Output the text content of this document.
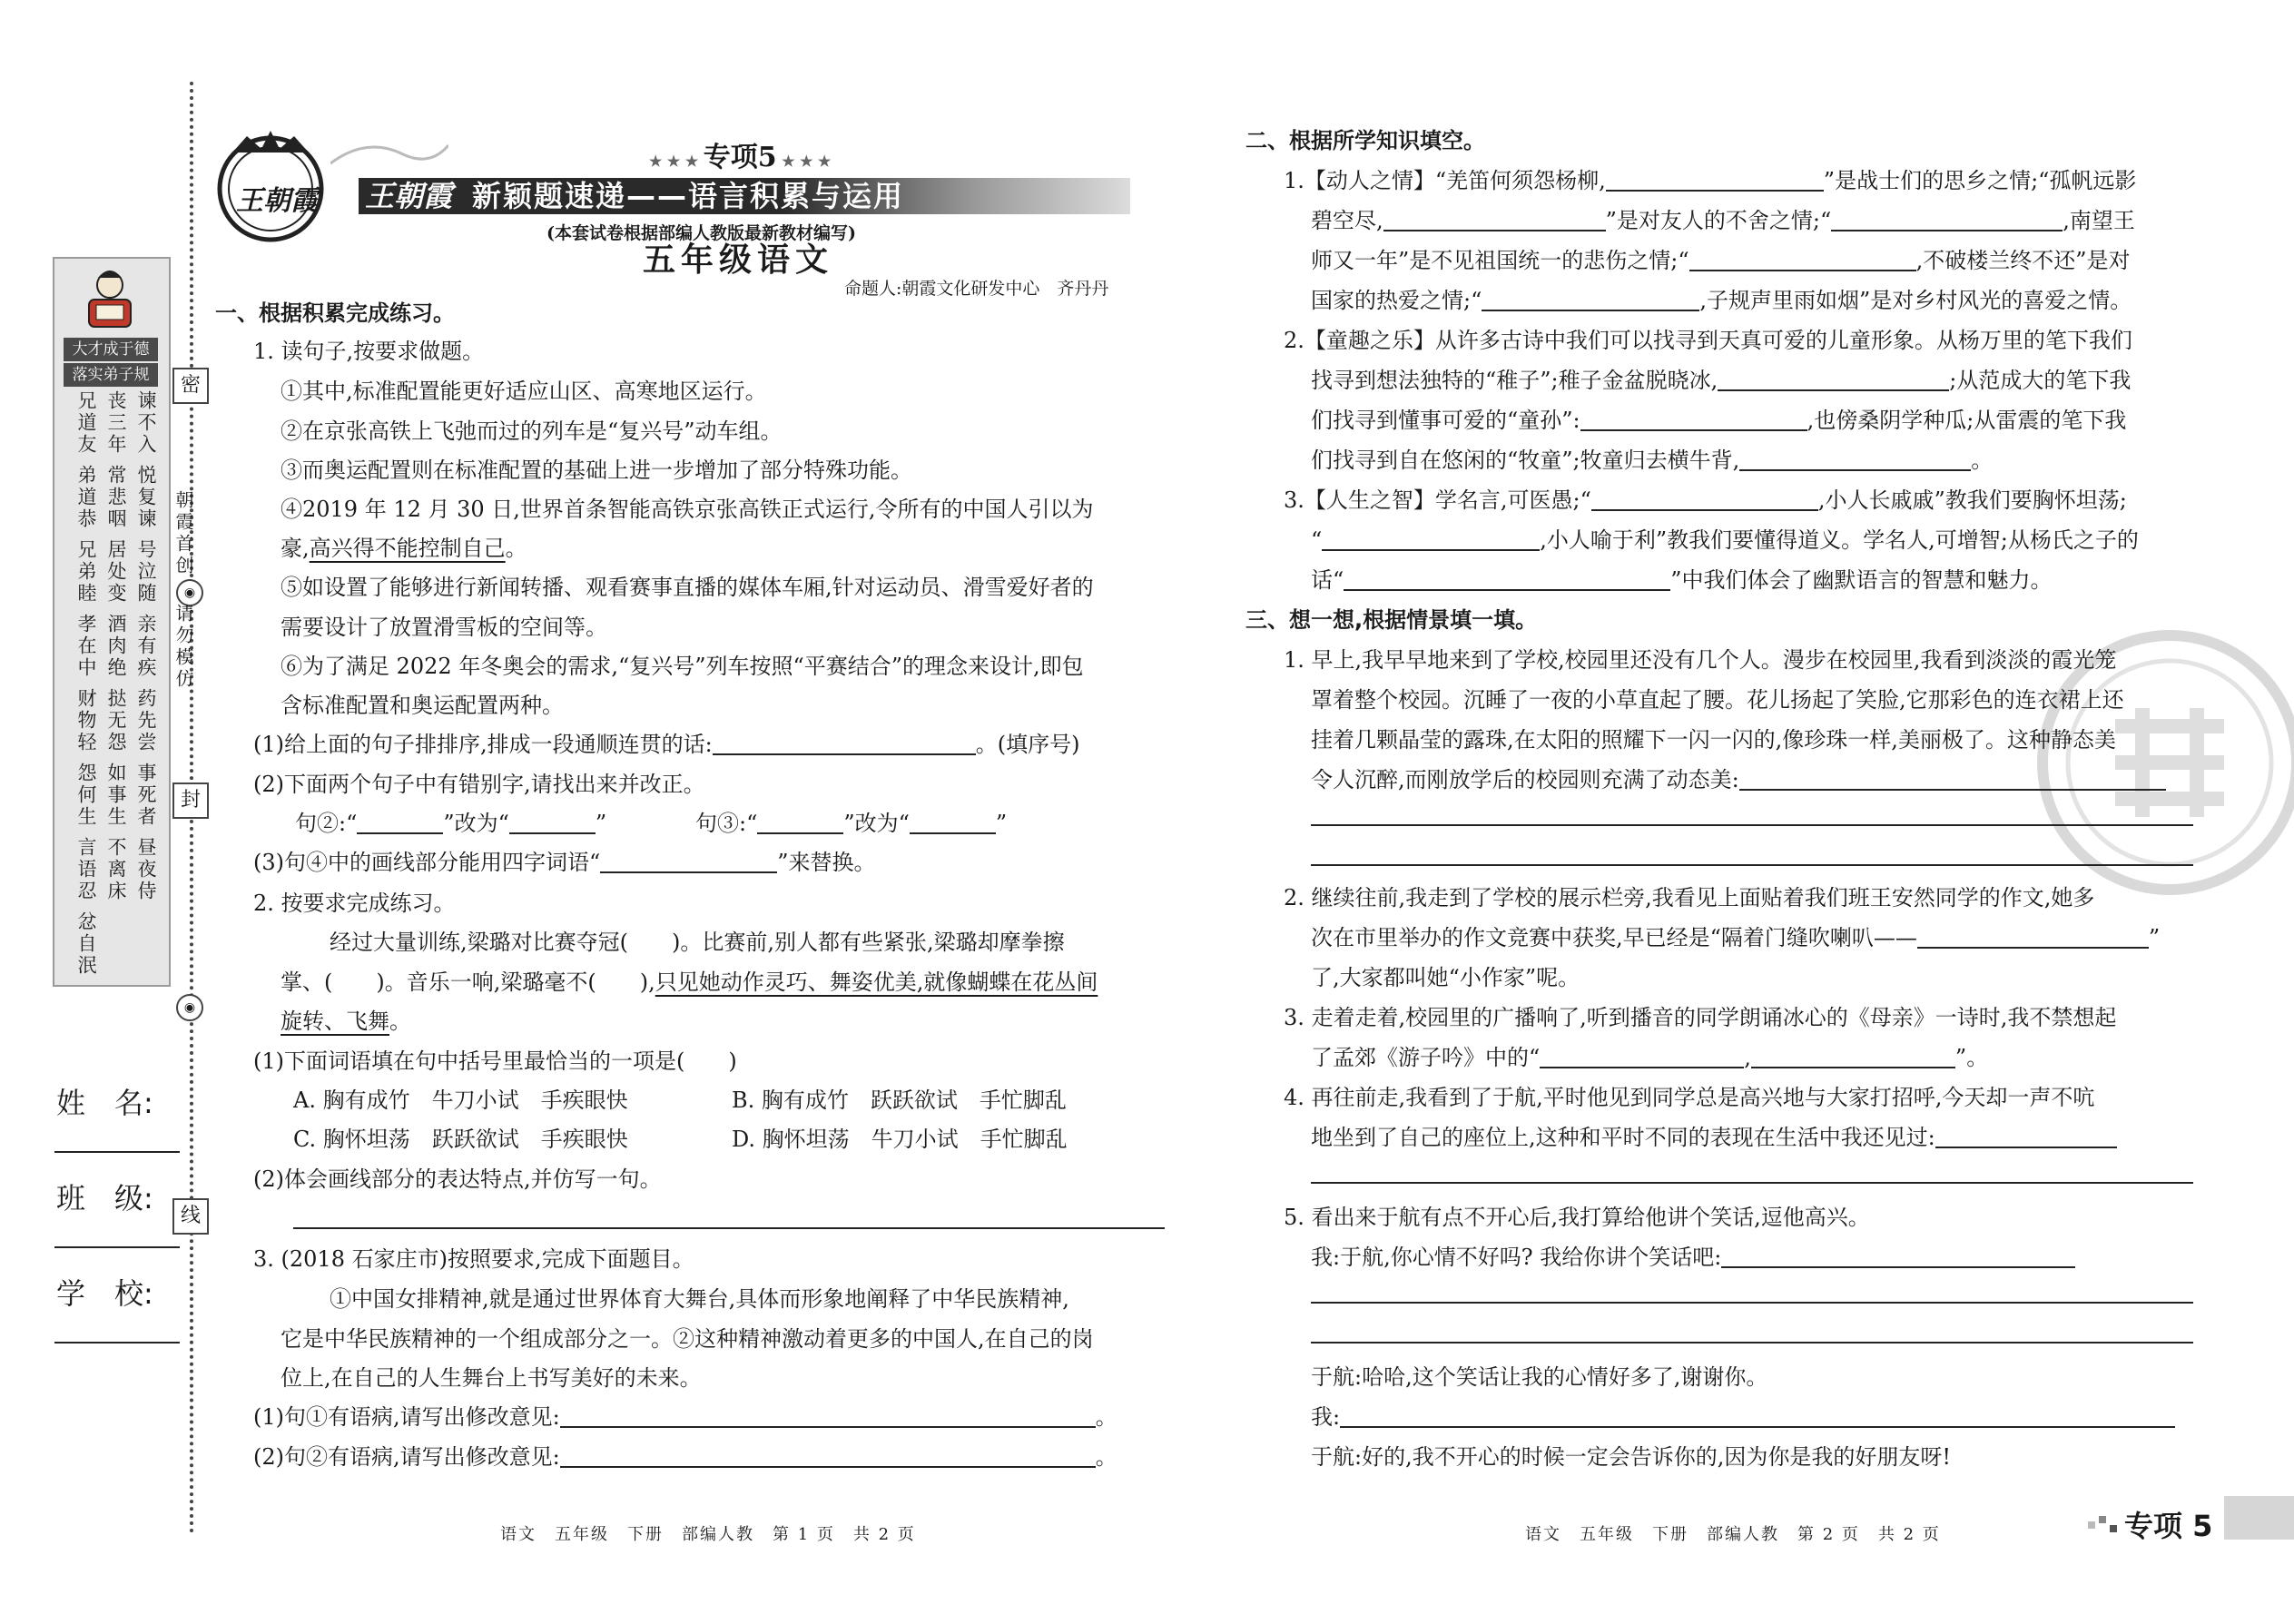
密
封
线
◉
◉
朝霞首创
请勿模仿
大才成于德
落实弟子规
谏不入
丧三年
兄道友
悦复谏
常悲咽
弟道恭
号泣随
居处变
兄弟睦
亲有疾
酒肉绝
孝在中
药先尝
挞无怨
财物轻
事死者
如事生
怨何生
昼夜侍
不离床
言语忍
忿自泯
姓　名:
班　级:
学　校:
王朝霞
★ ★ ★ 专项5 ★ ★ ★
王朝霞 新颖题速递——语言积累与运用
(本套试卷根据部编人教版最新教材编写)
五年级语文
命题人:朝霞文化研发中心　齐丹丹
一、根据积累完成练习。
1. 读句子,按要求做题。
①其中,标准配置能更好适应山区、高寒地区运行。
②在京张高铁上飞弛而过的列车是“复兴号”动车组。
③而奥运配置则在标准配置的基础上进一步增加了部分特殊功能。
④2019 年 12 月 30 日,世界首条智能高铁京张高铁正式运行,令所有的中国人引以为
豪,高兴得不能控制自己。
⑤如设置了能够进行新闻转播、观看赛事直播的媒体车厢,针对运动员、滑雪爱好者的
需要设计了放置滑雪板的空间等。
⑥为了满足 2022 年冬奥会的需求,“复兴号”列车按照“平赛结合”的理念来设计,即包
含标准配置和奥运配置两种。
(1)给上面的句子排排序,排成一段通顺连贯的话:	。(填序号)
(2)下面两个句子中有错别字,请找出来并改正。
句②:“	”改为“	”	句③:“	”改为“	”
(3)句④中的画线部分能用四字词语“	”来替换。
2. 按要求完成练习。
经过大量训练,梁璐对比赛夺冠(　　)。比赛前,别人都有些紧张,梁璐却摩拳擦
掌、(　　)。音乐一响,梁璐毫不(　　),只见她动作灵巧、舞姿优美,就像蝴蝶在花丛间
旋转、飞舞。
(1)下面词语填在句中括号里最恰当的一项是(　　)
A. 胸有成竹　牛刀小试　手疾眼快	B. 胸有成竹　跃跃欲试　手忙脚乱
C. 胸怀坦荡　跃跃欲试　手疾眼快	D. 胸怀坦荡　牛刀小试　手忙脚乱
(2)体会画线部分的表达特点,并仿写一句。
3. (2018 石家庄市)按照要求,完成下面题目。
①中国女排精神,就是通过世界体育大舞台,具体而形象地阐释了中华民族精神,
它是中华民族精神的一个组成部分之一。②这种精神激动着更多的中国人,在自己的岗
位上,在自己的人生舞台上书写美好的未来。
(1)句①有语病,请写出修改意见:	。
(2)句②有语病,请写出修改意见:	。
语文　五年级　下册　部编人教　第 1 页　共 2 页
二、根据所学知识填空。
1.【动人之情】“羌笛何须怨杨柳,	”是战士们的思乡之情;“孤帆远影
碧空尽,	”是对友人的不舍之情;“	,南望王
师又一年”是不见祖国统一的悲伤之情;“	,不破楼兰终不还”是对
国家的热爱之情;“	,子规声里雨如烟”是对乡村风光的喜爱之情。
2.【童趣之乐】从许多古诗中我们可以找寻到天真可爱的儿童形象。从杨万里的笔下我们
找寻到想法独特的“稚子”;稚子金盆脱晓冰,	;从范成大的笔下我
们找寻到懂事可爱的“童孙”:	,也傍桑阴学种瓜;从雷震的笔下我
们找寻到自在悠闲的“牧童”;牧童归去横牛背,	。
3.【人生之智】学名言,可医愚;“	,小人长戚戚”教我们要胸怀坦荡;
“	,小人喻于利”教我们要懂得道义。学名人,可增智;从杨氏之子的
话“	”中我们体会了幽默语言的智慧和魅力。
三、想一想,根据情景填一填。
1. 早上,我早早地来到了学校,校园里还没有几个人。漫步在校园里,我看到淡淡的霞光笼
罩着整个校园。沉睡了一夜的小草直起了腰。花儿扬起了笑脸,它那彩色的连衣裙上还
挂着几颗晶莹的露珠,在太阳的照耀下一闪一闪的,像珍珠一样,美丽极了。这种静态美
令人沉醉,而刚放学后的校园则充满了动态美:
2. 继续往前,我走到了学校的展示栏旁,我看见上面贴着我们班王安然同学的作文,她多
次在市里举办的作文竞赛中获奖,早已经是“隔着门缝吹喇叭——	”
了,大家都叫她“小作家”呢。
3. 走着走着,校园里的广播响了,听到播音的同学朗诵冰心的《母亲》一诗时,我不禁想起
了孟郊《游子吟》中的“	,	”。
4. 再往前走,我看到了于航,平时他见到同学总是高兴地与大家打招呼,今天却一声不吭
地坐到了自己的座位上,这种和平时不同的表现在生活中我还见过:
5. 看出来于航有点不开心后,我打算给他讲个笑话,逗他高兴。
我:于航,你心情不好吗? 我给你讲个笑话吧:
于航:哈哈,这个笑话让我的心情好多了,谢谢你。
我:
于航:好的,我不开心的时候一定会告诉你的,因为你是我的好朋友呀!
语文　五年级　下册　部编人教　第 2 页　共 2 页	专项 5
